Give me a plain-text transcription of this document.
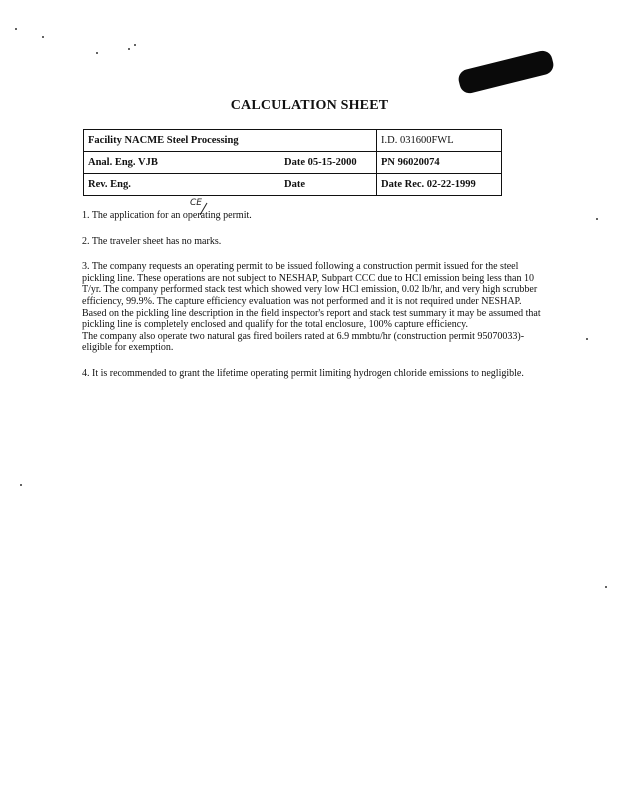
CALCULATION SHEET
Facility NACME Steel Processing		I.D. 031600FWL
Anal. Eng. VJB	Date 05-15-2000	PN 96020074
Rev. Eng.	Date	Date Rec. 02-22-1999
CE

1. The application for an operating permit.

2. The traveler sheet has no marks.

3. The company requests an operating permit to be issued following a construction permit issued for the steel pickling line. These operations are not subject to NESHAP, Subpart CCC due to HCl emission being less than 10 T/yr. The company performed stack test which showed very low HCl emission, 0.02 lb/hr, and very high scrubber efficiency, 99.9%. The capture efficiency evaluation was not performed and it is not required under NESHAP. Based on the pickling line description in the field inspector's report and stack test summary it may be assumed that pickling line is completely enclosed and qualify for the total enclosure, 100% capture efficiency.

The company also operate two natural gas fired boilers rated at 6.9 mmbtu/hr (construction permit 95070033)- eligible for exemption.

4. It is recommended to grant the lifetime operating permit limiting hydrogen chloride emissions to negligible.
